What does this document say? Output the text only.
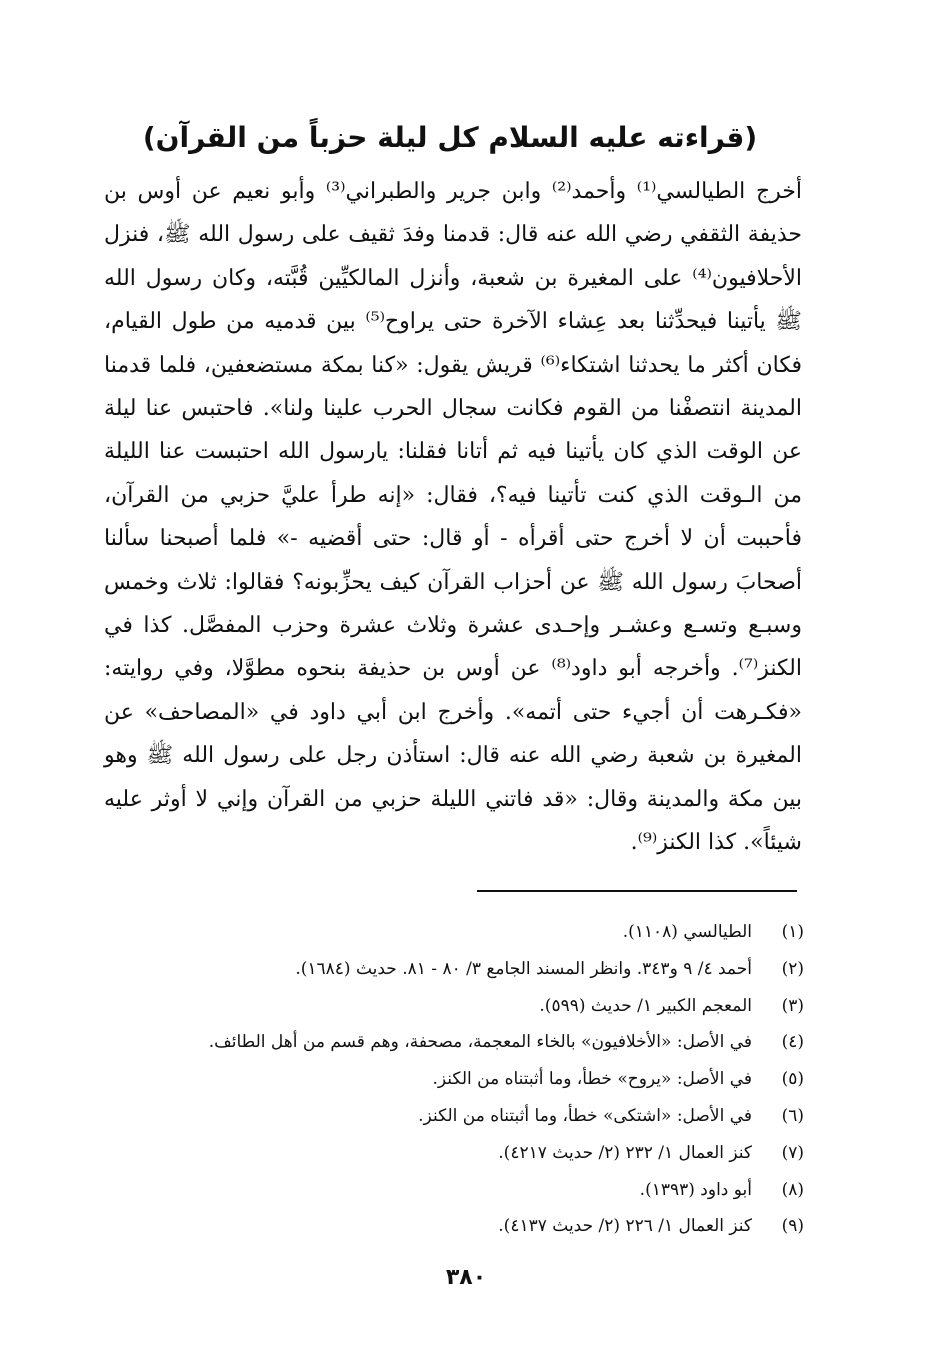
(قراءته عليه السلام كل ليلة حزباً من القرآن)

أخرج الطيالسي⁽¹⁾ وأحمد⁽²⁾ وابن جرير والطبراني⁽³⁾ وأبو نعيم عن أوس بن حذيفة الثقفي رضي الله عنه قال: قدمنا وفدَ ثقيف على رسول الله ﷺ، فنزل الأحلافيون⁽⁴⁾ على المغيرة بن شعبة، وأنزل المالكيِّين قُبَّته، وكان رسول الله ﷺ يأتينا فيحدِّثنا بعد عِشاء الآخرة حتى يراوح⁽⁵⁾ بين قدميه من طول القيام، فكان أكثر ما يحدثنا اشتكاء⁽⁶⁾ قريش يقول: «كنا بمكة مستضعفين، فلما قدمنا المدينة انتصفْنا من القوم فكانت سجال الحرب علينا ولنا». فاحتبس عنا ليلة عن الوقت الذي كان يأتينا فيه ثم أتانا فقلنا: يارسول الله احتبست عنا الليلة من الـوقت الذي كنت تأتينا فيه؟، فقال: «إنه طرأ عليَّ حزبي من القرآن، فأحببت أن لا أخرج حتى أقرأه - أو قال: حتى أقضيه -» فلما أصبحنا سألنا أصحابَ رسول الله ﷺ عن أحزاب القرآن كيف يحزِّبونه؟ فقالوا: ثلاث وخمس وسبـع وتسـع وعشـر وإحـدى عشرة وثلاث عشرة وحزب المفصَّل. كذا في الكنز⁽⁷⁾. وأخرجه أبو داود⁽⁸⁾ عن أوس بن حذيفة بنحوه مطوَّلا، وفي روايته: «فكـرهت أن أجيء حتى أتمه». وأخرج ابن أبي داود في «المصاحف» عن المغيرة بن شعبة رضي الله عنه قال: استأذن رجل على رسول الله ﷺ وهو بين مكة والمدينة وقال: «قد فاتني الليلة حزبي من القرآن وإني لا أوثر عليه شيئاً». كذا الكنز⁽⁹⁾.

(١)
الطيالسي (١١٠٨).
(٢)
أحمد ٤/ ٩ و٣٤٣. وانظر المسند الجامع ٣/ ٨٠ - ٨١. حديث (١٦٨٤).
(٣)
المعجم الكبير ١/ حديث (٥٩٩).
(٤)
في الأصل: «الأخلافيون» بالخاء المعجمة، مصحفة، وهم قسم من أهل الطائف.
(٥)
في الأصل: «يروح» خطأ، وما أثبتناه من الكنز.
(٦)
في الأصل: «اشتكى» خطأ، وما أثبتناه من الكنز.
(٧)
كنز العمال ١/ ٢٣٢ (٢/ حديث ٤٢١٧).
(٨)
أبو داود (١٣٩٣).
(٩)
كنز العمال ١/ ٢٢٦ (٢/ حديث ٤١٣٧).
٣٨٠
